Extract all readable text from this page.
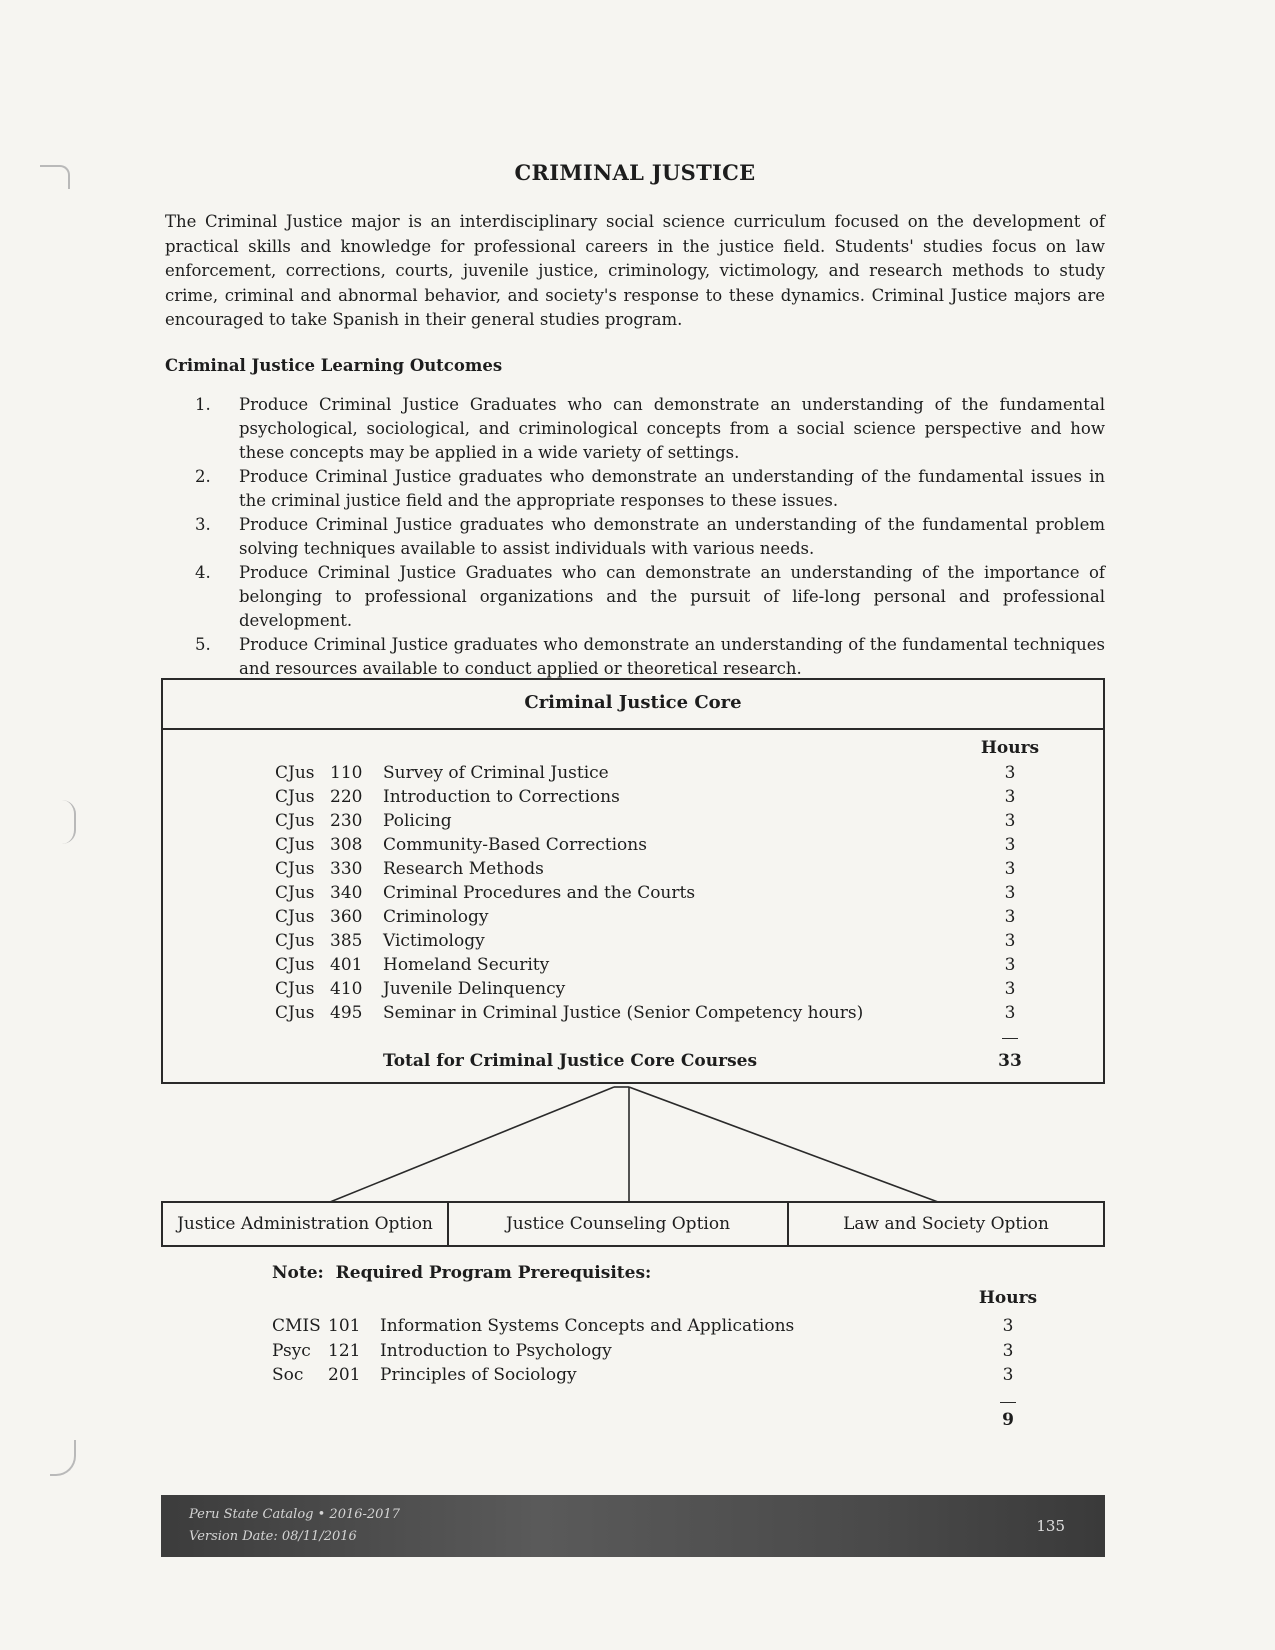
CRIMINAL JUSTICE

The Criminal Justice major is an interdisciplinary social science curriculum focused on the development of practical skills and knowledge for professional careers in the justice field. Students' studies focus on law enforcement, corrections, courts, juvenile justice, criminology, victimology, and research methods to study crime, criminal and abnormal behavior, and society's response to these dynamics. Criminal Justice majors are encouraged to take Spanish in their general studies program.

Criminal Justice Learning Outcomes
1. Produce Criminal Justice Graduates who can demonstrate an understanding of the fundamental psychological, sociological, and criminological concepts from a social science perspective and how these concepts may be applied in a wide variety of settings.
2. Produce Criminal Justice graduates who demonstrate an understanding of the fundamental issues in the criminal justice field and the appropriate responses to these issues.
3. Produce Criminal Justice graduates who demonstrate an understanding of the fundamental problem solving techniques available to assist individuals with various needs.
4. Produce Criminal Justice Graduates who can demonstrate an understanding of the importance of belonging to professional organizations and the pursuit of life-long personal and professional development.
5. Produce Criminal Justice graduates who demonstrate an understanding of the fundamental techniques and resources available to conduct applied or theoretical research.
Criminal Justice Core
Hours
CJus 110 Survey of Criminal Justice	3
CJus 220 Introduction to Corrections	3
CJus 230 Policing	3
CJus 308 Community-Based Corrections	3
CJus 330 Research Methods	3
CJus 340 Criminal Procedures and the Courts	3
CJus 360 Criminology	3
CJus 385 Victimology	3
CJus 401 Homeland Security	3
CJus 410 Juvenile Delinquency	3
CJus 495 Seminar in Criminal Justice (Senior Competency hours)	3
Total for Criminal Justice Core Courses	33
Justice Administration Option	Justice Counseling Option	Law and Society Option
Note:  Required Program Prerequisites:
Hours
CMIS 101 Information Systems Concepts and Applications	3
Psyc 121 Introduction to Psychology	3
Soc 201 Principles of Sociology	3
9
Peru State Catalog • 2016-2017
Version Date: 08/11/2016
135
